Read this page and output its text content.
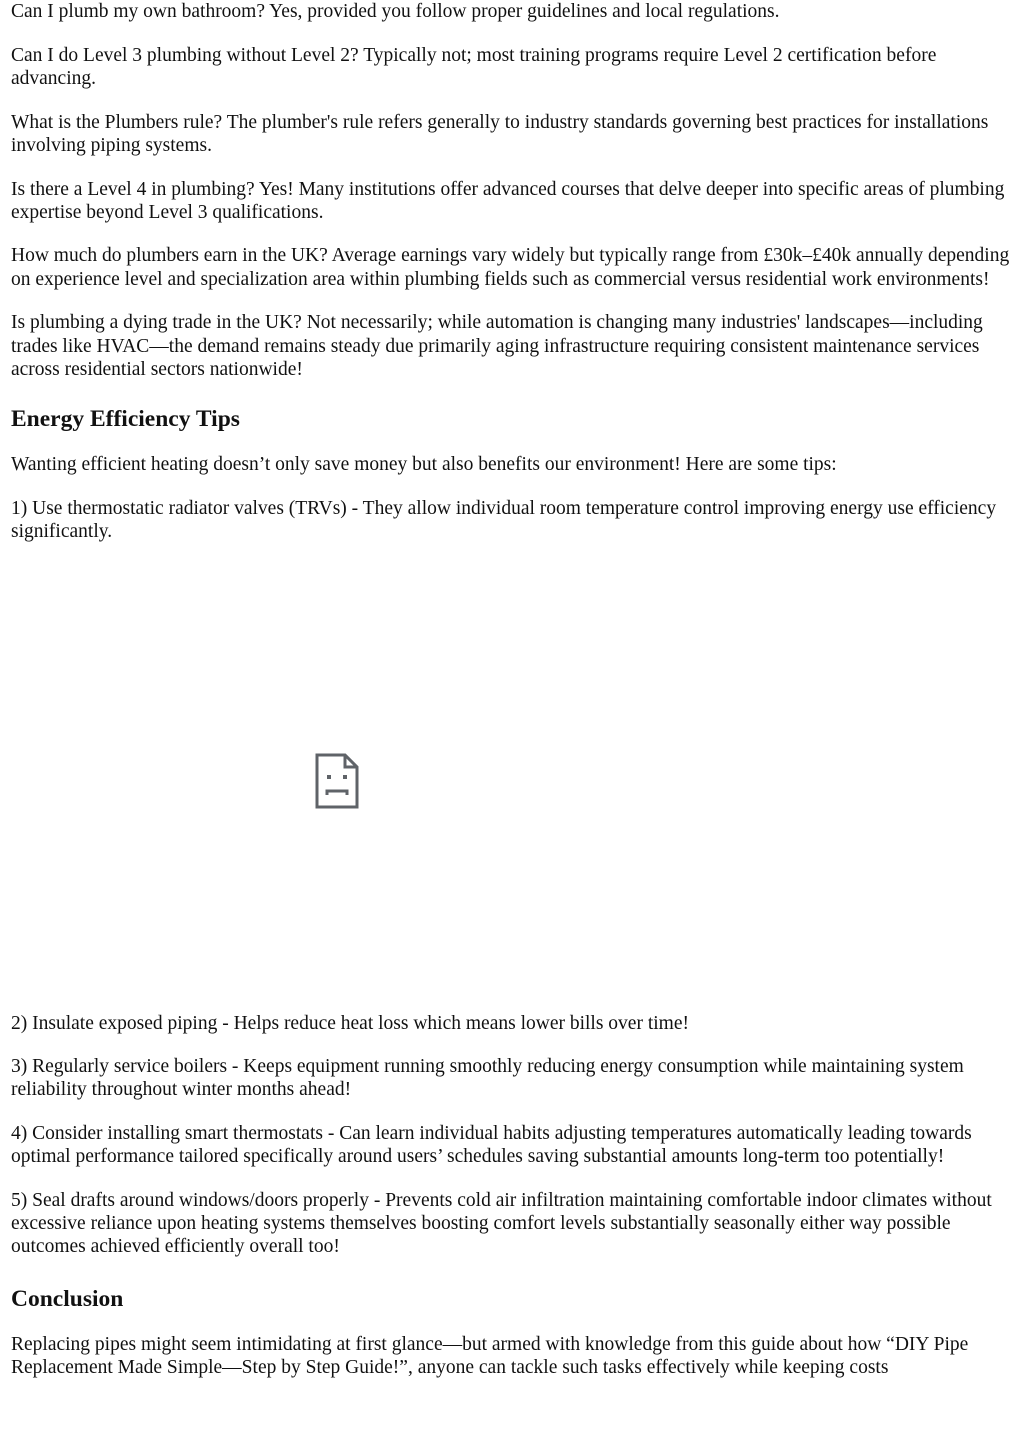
Can I plumb my own bathroom? Yes, provided you follow proper guidelines and local regulations.

Can I do Level 3 plumbing without Level 2? Typically not; most training programs require Level 2 certification before advancing.

What is the Plumbers rule? The plumber's rule refers generally to industry standards governing best practices for installations involving piping systems.

Is there a Level 4 in plumbing? Yes! Many institutions offer advanced courses that delve deeper into specific areas of plumbing expertise beyond Level 3 qualifications.

How much do plumbers earn in the UK? Average earnings vary widely but typically range from £30k–£40k annually depending on experience level and specialization area within plumbing fields such as commercial versus residential work environments!

Is plumbing a dying trade in the UK? Not necessarily; while automation is changing many industries' landscapes—including trades like HVAC—the demand remains steady due primarily aging infrastructure requiring consistent maintenance services across residential sectors nationwide!

Energy Efficiency Tips

Wanting efficient heating doesn’t only save money but also benefits our environment! Here are some tips:

1) Use thermostatic radiator valves (TRVs) - They allow individual room temperature control improving energy use efficiency significantly.

2) Insulate exposed piping - Helps reduce heat loss which means lower bills over time!

3) Regularly service boilers - Keeps equipment running smoothly reducing energy consumption while maintaining system reliability throughout winter months ahead!

4) Consider installing smart thermostats - Can learn individual habits adjusting temperatures automatically leading towards optimal performance tailored specifically around users’ schedules saving substantial amounts long-term too potentially!

5) Seal drafts around windows/doors properly - Prevents cold air infiltration maintaining comfortable indoor climates without excessive reliance upon heating systems themselves boosting comfort levels substantially seasonally either way possible outcomes achieved efficiently overall too!

Conclusion

Replacing pipes might seem intimidating at first glance—but armed with knowledge from this guide about how “DIY Pipe Replacement Made Simple—Step by Step Guide!”, anyone can tackle such tasks effectively while keeping costs
